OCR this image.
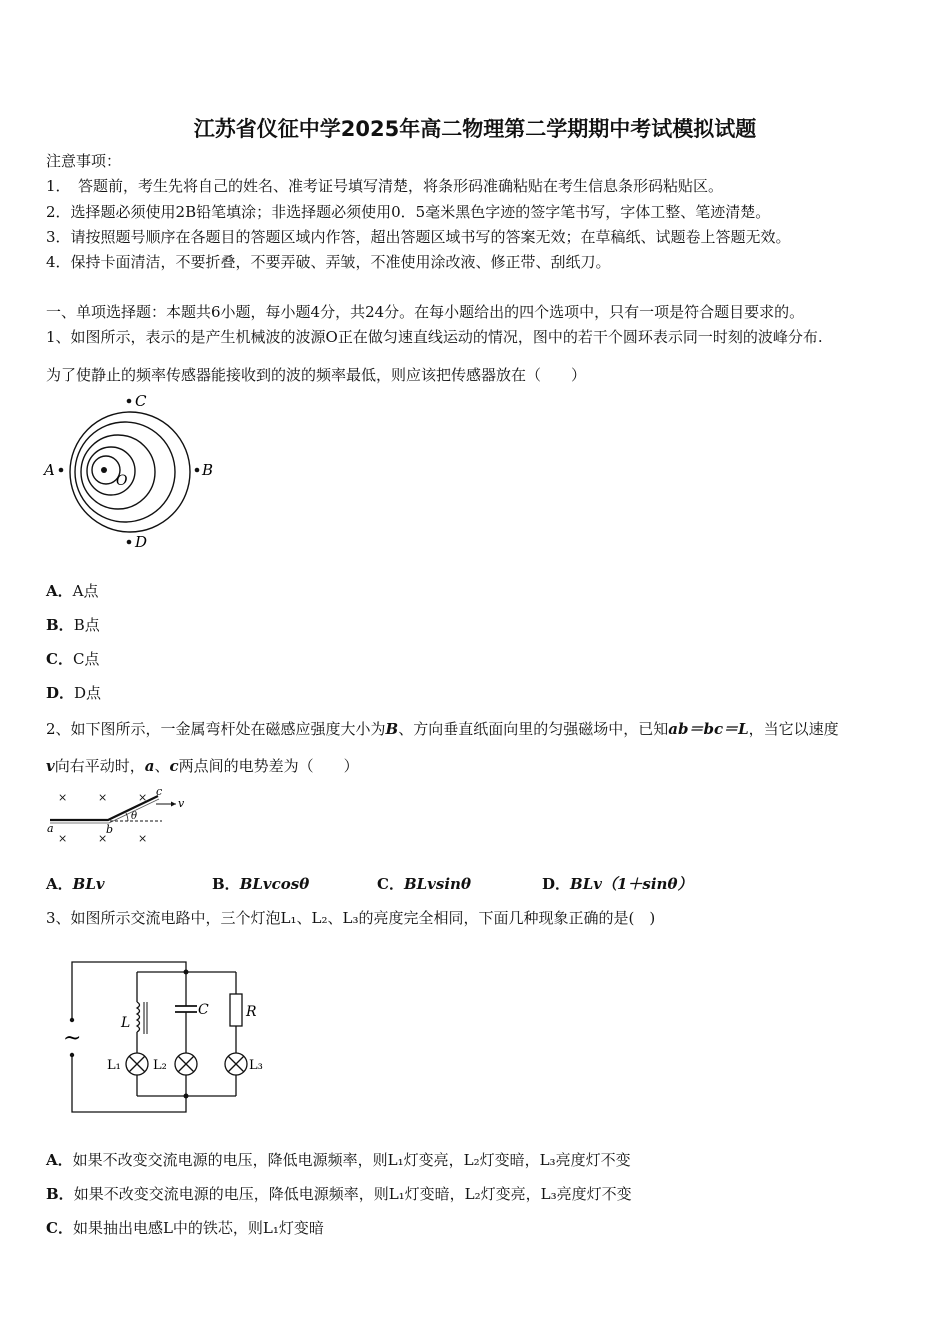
江苏省仪征中学2025年高二物理第二学期期中考试模拟试题
注意事项：
1．　答题前，考生先将自己的姓名、准考证号填写清楚，将条形码准确粘贴在考生信息条形码粘贴区。
2．选择题必须使用2B铅笔填涂；非选择题必须使用0．5毫米黑色字迹的签字笔书写，字体工整、笔迹清楚。
3．请按照题号顺序在各题目的答题区域内作答，超出答题区域书写的答案无效；在草稿纸、试题卷上答题无效。
4．保持卡面清洁，不要折叠，不要弄破、弄皱，不准使用涂改液、修正带、刮纸刀。
一、单项选择题：本题共6小题，每小题4分，共24分。在每小题给出的四个选项中，只有一项是符合题目要求的。
1、如图所示，表示的是产生机械波的波源O正在做匀速直线运动的情况，图中的若干个圆环表示同一时刻的波峰分布.
为了使静止的频率传感器能接收到的波的频率最低，则应该把传感器放在（　　）
C
A	B
D
O
A．A点
B．B点
C．C点
D．D点
2、如下图所示，一金属弯杆处在磁感应强度大小为B、方向垂直纸面向里的匀强磁场中，已知ab＝bc＝L，当它以速度
v向右平动时，a、c两点间的电势差为（　　）
×	×	×
×	×	×
a	b
c
θ
v
A．BLv	B．BLvcosθ	C．BLvsinθ	D．BLv（1＋sinθ）
3、如图所示交流电路中，三个灯泡L₁、L₂、L₃的亮度完全相同，下面几种现象正确的是(　)
~
L
C	R
L₁ L₂	L₃
A．如果不改变交流电源的电压，降低电源频率，则L₁灯变亮，L₂灯变暗，L₃亮度灯不变
B．如果不改变交流电源的电压，降低电源频率，则L₁灯变暗，L₂灯变亮，L₃亮度灯不变
C．如果抽出电感L中的铁芯，则L₁灯变暗
